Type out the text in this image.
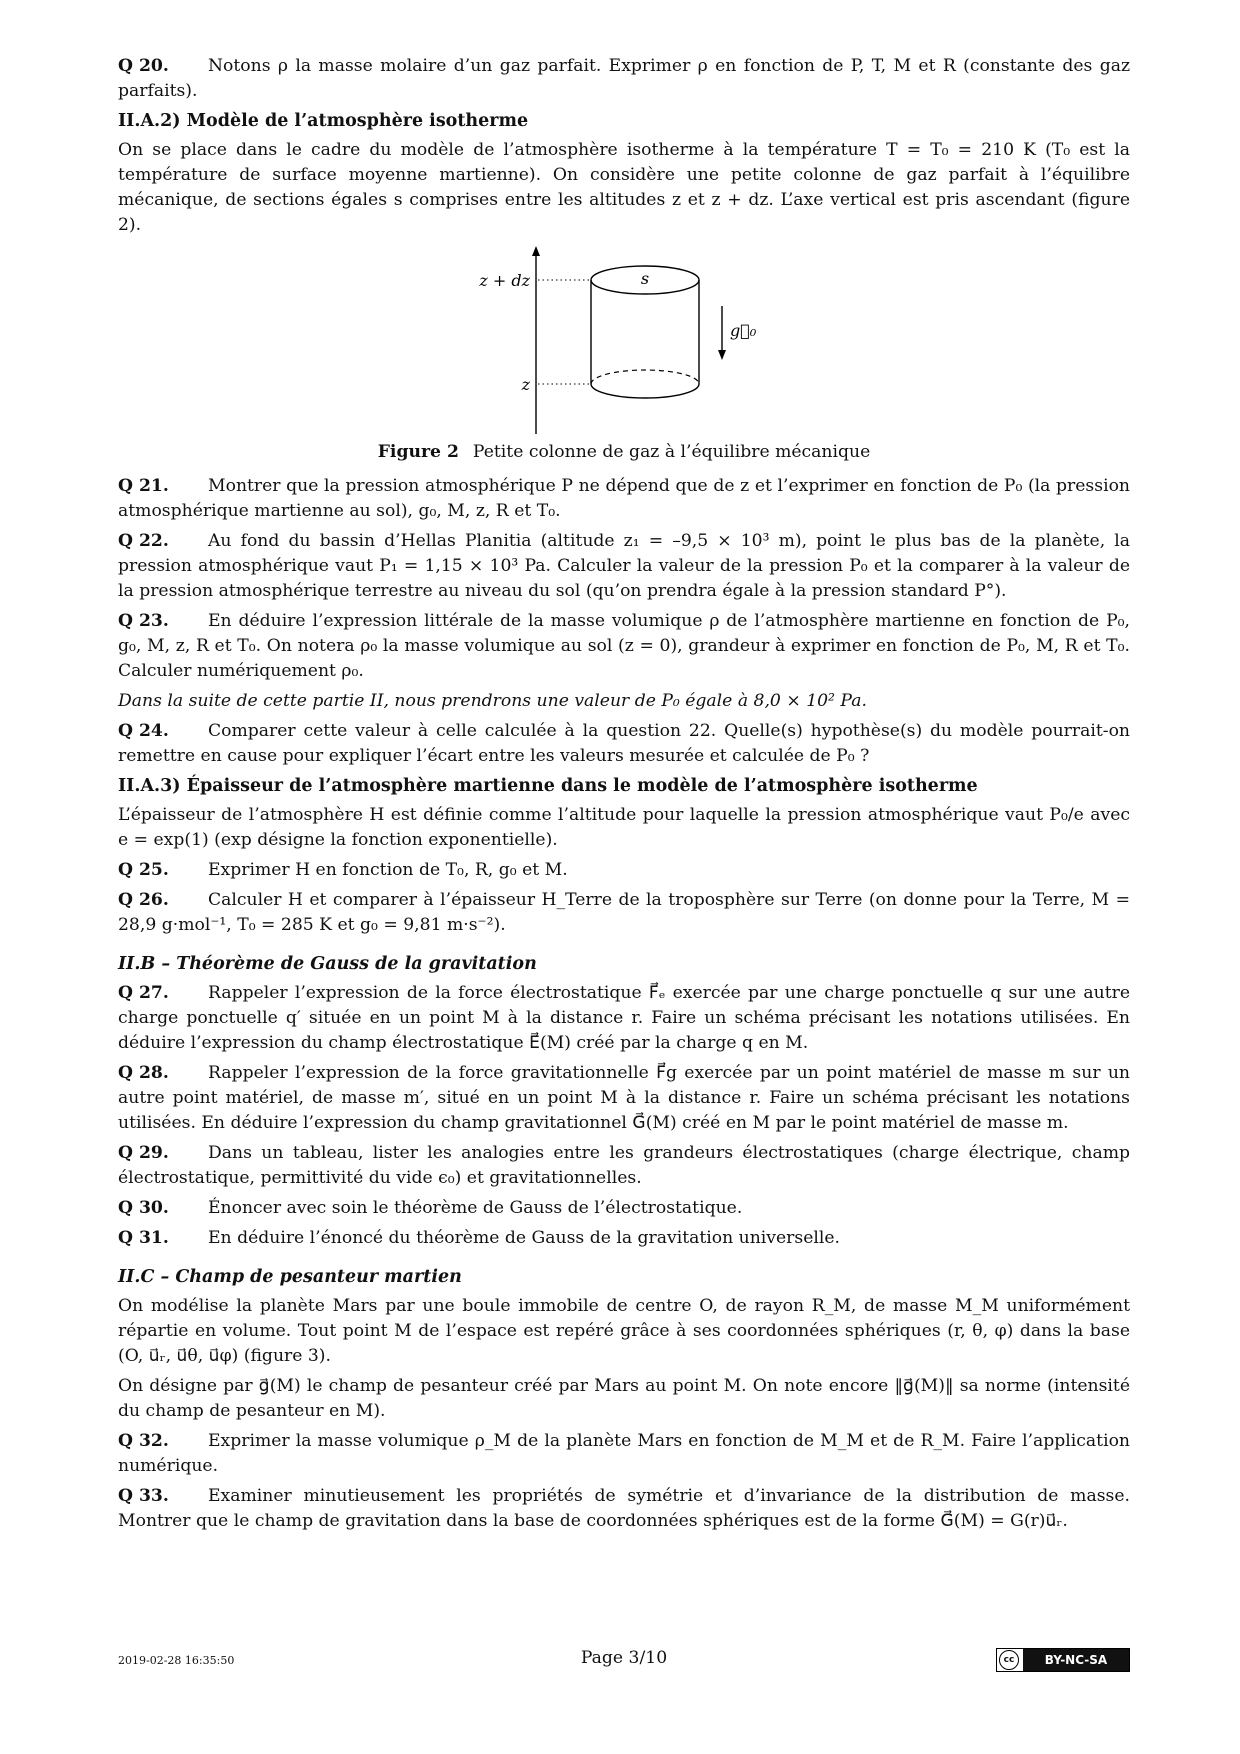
Q 20. Notons ρ la masse molaire d’un gaz parfait. Exprimer ρ en fonction de P, T, M et R (constante des gaz parfaits).

II.A.2) Modèle de l’atmosphère isotherme

On se place dans le cadre du modèle de l’atmosphère isotherme à la température T = T₀ = 210 K (T₀ est la température de surface moyenne martienne). On considère une petite colonne de gaz parfait à l’équilibre mécanique, de sections égales s comprises entre les altitudes z et z + dz. L’axe vertical est pris ascendant (figure 2).

z + dz
z
s
g⃗₀
Figure 2 Petite colonne de gaz à l’équilibre mécanique

Q 21. Montrer que la pression atmosphérique P ne dépend que de z et l’exprimer en fonction de P₀ (la pression atmosphérique martienne au sol), g₀, M, z, R et T₀.

Q 22. Au fond du bassin d’Hellas Planitia (altitude z₁ = –9,5 × 10³ m), point le plus bas de la planète, la pression atmosphérique vaut P₁ = 1,15 × 10³ Pa. Calculer la valeur de la pression P₀ et la comparer à la valeur de la pression atmosphérique terrestre au niveau du sol (qu’on prendra égale à la pression standard P°).

Q 23. En déduire l’expression littérale de la masse volumique ρ de l’atmosphère martienne en fonction de P₀, g₀, M, z, R et T₀. On notera ρ₀ la masse volumique au sol (z = 0), grandeur à exprimer en fonction de P₀, M, R et T₀. Calculer numériquement ρ₀.

Dans la suite de cette partie II, nous prendrons une valeur de P₀ égale à 8,0 × 10² Pa.

Q 24. Comparer cette valeur à celle calculée à la question 22. Quelle(s) hypothèse(s) du modèle pourrait-on remettre en cause pour expliquer l’écart entre les valeurs mesurée et calculée de P₀ ?

II.A.3) Épaisseur de l’atmosphère martienne dans le modèle de l’atmosphère isotherme

L’épaisseur de l’atmosphère H est définie comme l’altitude pour laquelle la pression atmosphérique vaut P₀/e avec e = exp(1) (exp désigne la fonction exponentielle).

Q 25. Exprimer H en fonction de T₀, R, g₀ et M.

Q 26. Calculer H et comparer à l’épaisseur H_Terre de la troposphère sur Terre (on donne pour la Terre, M = 28,9 g·mol⁻¹, T₀ = 285 K et g₀ = 9,81 m·s⁻²).

II.B – Théorème de Gauss de la gravitation

Q 27. Rappeler l’expression de la force électrostatique F⃗ₑ exercée par une charge ponctuelle q sur une autre charge ponctuelle q′ située en un point M à la distance r. Faire un schéma précisant les notations utilisées. En déduire l’expression du champ électrostatique E⃗(M) créé par la charge q en M.

Q 28. Rappeler l’expression de la force gravitationnelle F⃗g exercée par un point matériel de masse m sur un autre point matériel, de masse m′, situé en un point M à la distance r. Faire un schéma précisant les notations utilisées. En déduire l’expression du champ gravitationnel G⃗(M) créé en M par le point matériel de masse m.

Q 29. Dans un tableau, lister les analogies entre les grandeurs électrostatiques (charge électrique, champ électrostatique, permittivité du vide ϵ₀) et gravitationnelles.

Q 30. Énoncer avec soin le théorème de Gauss de l’électrostatique.

Q 31. En déduire l’énoncé du théorème de Gauss de la gravitation universelle.

II.C – Champ de pesanteur martien

On modélise la planète Mars par une boule immobile de centre O, de rayon R_M, de masse M_M uniformément répartie en volume. Tout point M de l’espace est repéré grâce à ses coordonnées sphériques (r, θ, φ) dans la base (O, u⃗ᵣ, u⃗θ, u⃗φ) (figure 3).

On désigne par g⃗(M) le champ de pesanteur créé par Mars au point M. On note encore ‖g⃗(M)‖ sa norme (intensité du champ de pesanteur en M).

Q 32. Exprimer la masse volumique ρ_M de la planète Mars en fonction de M_M et de R_M. Faire l’application numérique.

Q 33. Examiner minutieusement les propriétés de symétrie et d’invariance de la distribution de masse. Montrer que le champ de gravitation dans la base de coordonnées sphériques est de la forme G⃗(M) = G(r)u⃗ᵣ.

2019-02-28 16:35:50	Page 3/10	cc	BY-NC-SA
